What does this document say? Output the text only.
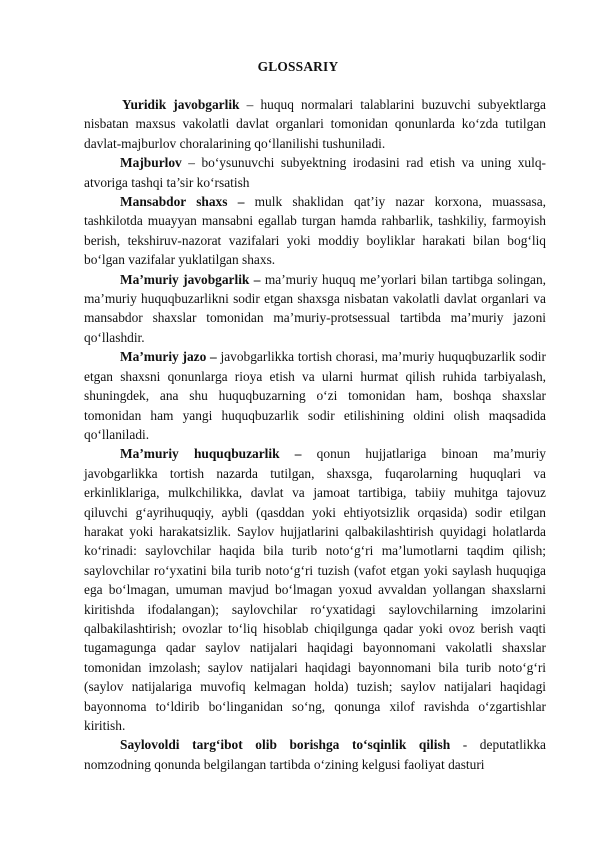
GLOSSARIY

Yuridik javobgarlik – huquq normalari talablarini buzuvchi subyektlarga nisbatan maxsus vakolatli davlat organlari tomonidan qonunlarda ko‘zda tutilgan davlat-majburlov choralarining qo‘llanilishi tushuniladi.

Majburlov – bo‘ysunuvchi subyektning irodasini rad etish va uning xulq-atvoriga tashqi ta’sir ko‘rsatish

Mansabdor shaxs – mulk shaklidan qat’iy nazar korxona, muassasa, tashkilotda muayyan mansabni egallab turgan hamda rahbarlik, tashkiliy, farmoyish berish, tekshiruv-nazorat vazifalari yoki moddiy boyliklar harakati bilan bog‘liq bo‘lgan vazifalar yuklatilgan shaxs.

Ma’muriy javobgarlik – ma’muriy huquq me’yorlari bilan tartibga solingan, ma’muriy huquqbuzarlikni sodir etgan shaxsga nisbatan vakolatli davlat organlari va mansabdor shaxslar tomonidan ma’muriy-protsessual tartibda ma’muriy jazoni qo‘llashdir.

Ma’muriy jazo – javobgarlikka tortish chorasi, ma’muriy huquqbuzarlik sodir etgan shaxsni qonunlarga rioya etish va ularni hurmat qilish ruhida tarbiyalash, shuningdek, ana shu huquqbuzarning o‘zi tomonidan ham, boshqa shaxslar tomonidan ham yangi huquqbuzarlik sodir etilishining oldini olish maqsadida qo‘llaniladi.

Ma’muriy huquqbuzarlik – qonun hujjatlariga binoan ma’muriy javobgarlikka tortish nazarda tutilgan, shaxsga, fuqarolarning huquqlari va erkinliklariga, mulkchilikka, davlat va jamoat tartibiga, tabiiy muhitga tajovuz qiluvchi g‘ayrihuquqiy, aybli (qasddan yoki ehtiyotsizlik orqasida) sodir etilgan harakat yoki harakatsizlik. Saylov hujjatlarini qalbakilashtirish quyidagi holatlarda ko‘rinadi: saylovchilar haqida bila turib noto‘g‘ri ma’lumotlarni taqdim qilish; saylovchilar ro‘yxatini bila turib noto‘g‘ri tuzish (vafot etgan yoki saylash huquqiga ega bo‘lmagan, umuman mavjud bo‘lmagan yoxud avvaldan yollangan shaxslarni kiritishda ifodalangan); saylovchilar ro‘yxatidagi saylovchilarning imzolarini qalbakilashtirish; ovozlar to‘liq hisoblab chiqilgunga qadar yoki ovoz berish vaqti tugamagunga qadar saylov natijalari haqidagi bayonnomani vakolatli shaxslar tomonidan imzolash; saylov natijalari haqidagi bayonnomani bila turib noto‘g‘ri (saylov natijalariga muvofiq kelmagan holda) tuzish; saylov natijalari haqidagi bayonnoma to‘ldirib bo‘linganidan so‘ng, qonunga xilof ravishda o‘zgartishlar kiritish.

Saylovoldi targ‘ibot olib borishga to‘sqinlik qilish - deputatlikka nomzodning qonunda belgilangan tartibda o‘zining kelgusi faoliyat dasturi
